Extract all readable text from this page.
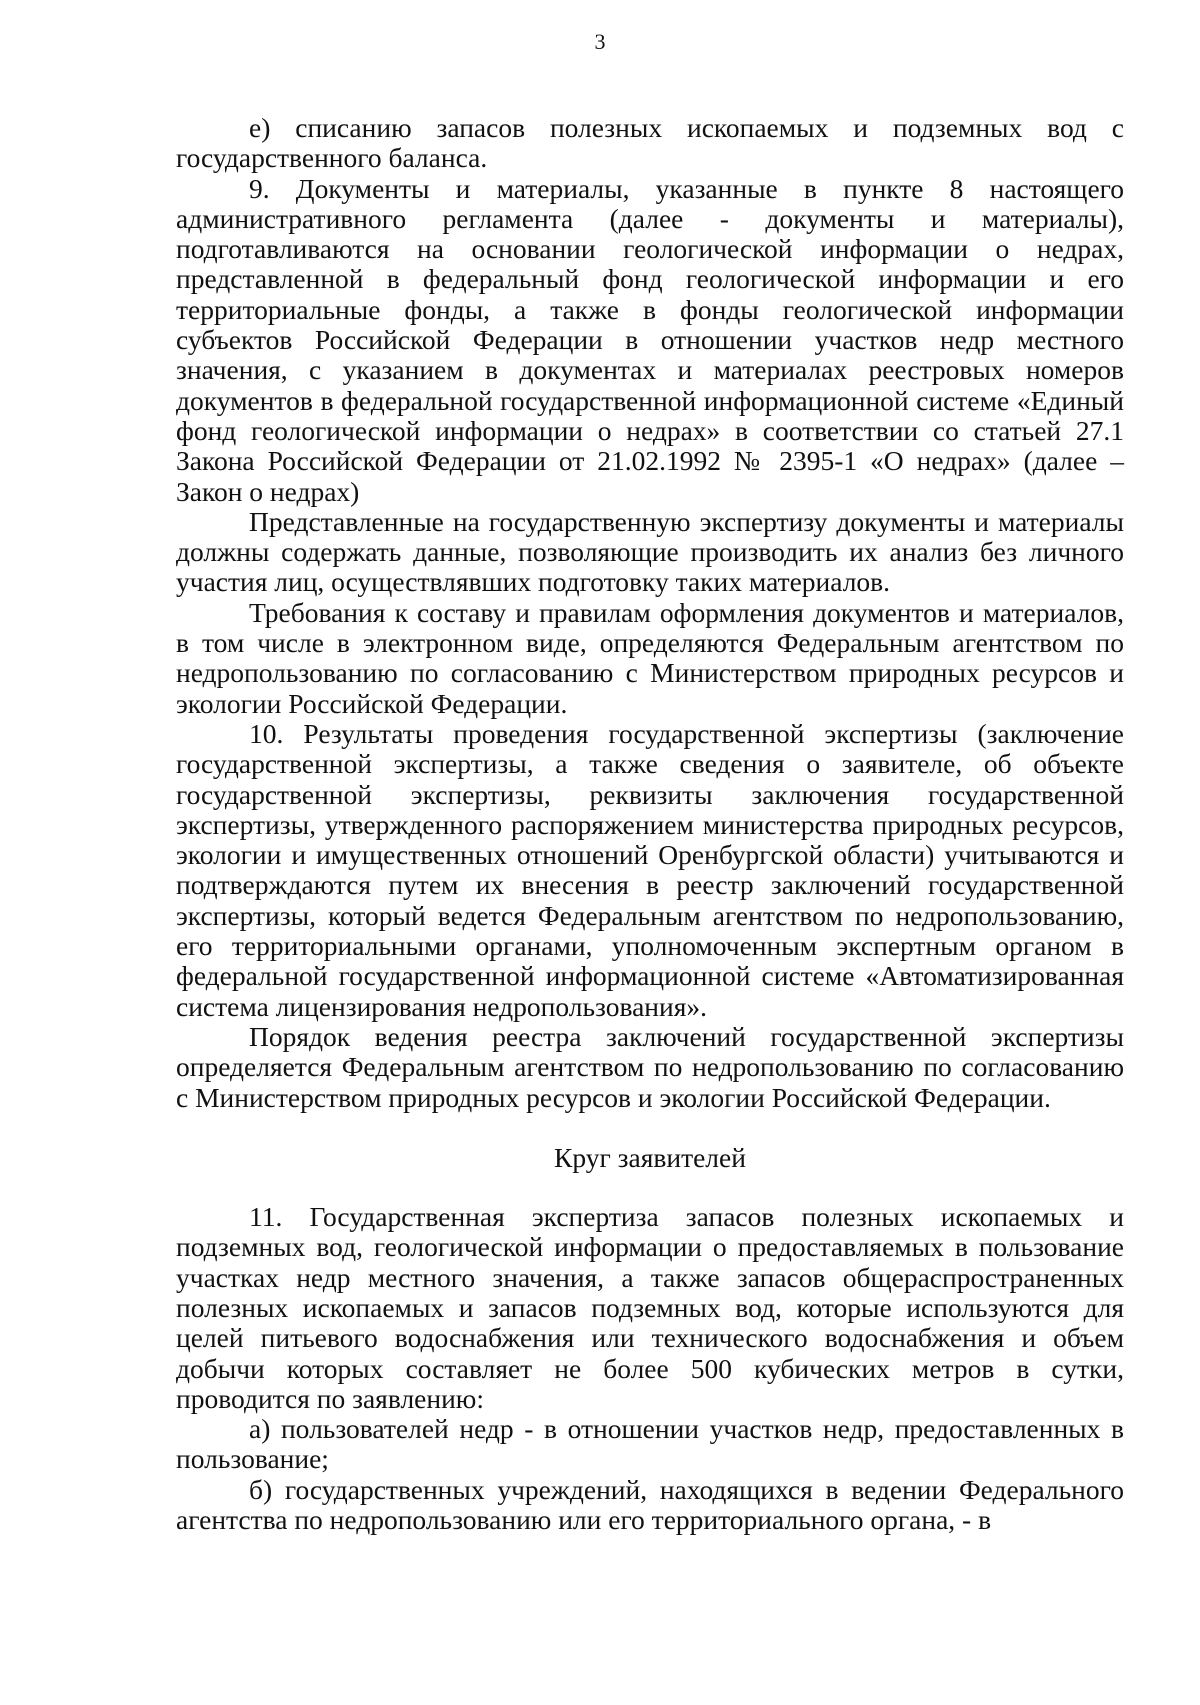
3

е) списанию запасов полезных ископаемых и подземных вод с государственного баланса.

9. Документы и материалы, указанные в пункте 8 настоящего административного регламента (далее - документы и материалы), подготавливаются на основании геологической информации о недрах, представленной в федеральный фонд геологической информации и его территориальные фонды, а также в фонды геологической информации субъектов Российской Федерации в отношении участков недр местного значения, с указанием в документах и материалах реестровых номеров документов в федеральной государственной информационной системе «Единый фонд геологической информации о недрах» в соответствии со статьей 27.1 Закона Российской Федерации от 21.02.1992 № 2395-1 «О недрах» (далее – Закон о недрах)

Представленные на государственную экспертизу документы и материалы должны содержать данные, позволяющие производить их анализ без личного участия лиц, осуществлявших подготовку таких материалов.

Требования к составу и правилам оформления документов и материалов, в том числе в электронном виде, определяются Федеральным агентством по недропользованию по согласованию с Министерством природных ресурсов и экологии Российской Федерации.

10. Результаты проведения государственной экспертизы (заключение государственной экспертизы, а также сведения о заявителе, об объекте государственной экспертизы, реквизиты заключения государственной экспертизы, утвержденного распоряжением министерства природных ресурсов, экологии и имущественных отношений Оренбургской области) учитываются и подтверждаются путем их внесения в реестр заключений государственной экспертизы, который ведется Федеральным агентством по недропользованию, его территориальными органами, уполномоченным экспертным органом в федеральной государственной информационной системе «Автоматизированная система лицензирования недропользования».

Порядок ведения реестра заключений государственной экспертизы определяется Федеральным агентством по недропользованию по согласованию с Министерством природных ресурсов и экологии Российской Федерации.

Круг заявителей

11. Государственная экспертиза запасов полезных ископаемых и подземных вод, геологической информации о предоставляемых в пользование участках недр местного значения, а также запасов общераспространенных полезных ископаемых и запасов подземных вод, которые используются для целей питьевого водоснабжения или технического водоснабжения и объем добычи которых составляет не более 500 кубических метров в сутки, проводится по заявлению:

а) пользователей недр - в отношении участков недр, предоставленных в пользование;

б) государственных учреждений, находящихся в ведении Федерального агентства по недропользованию или его территориального органа, - в
